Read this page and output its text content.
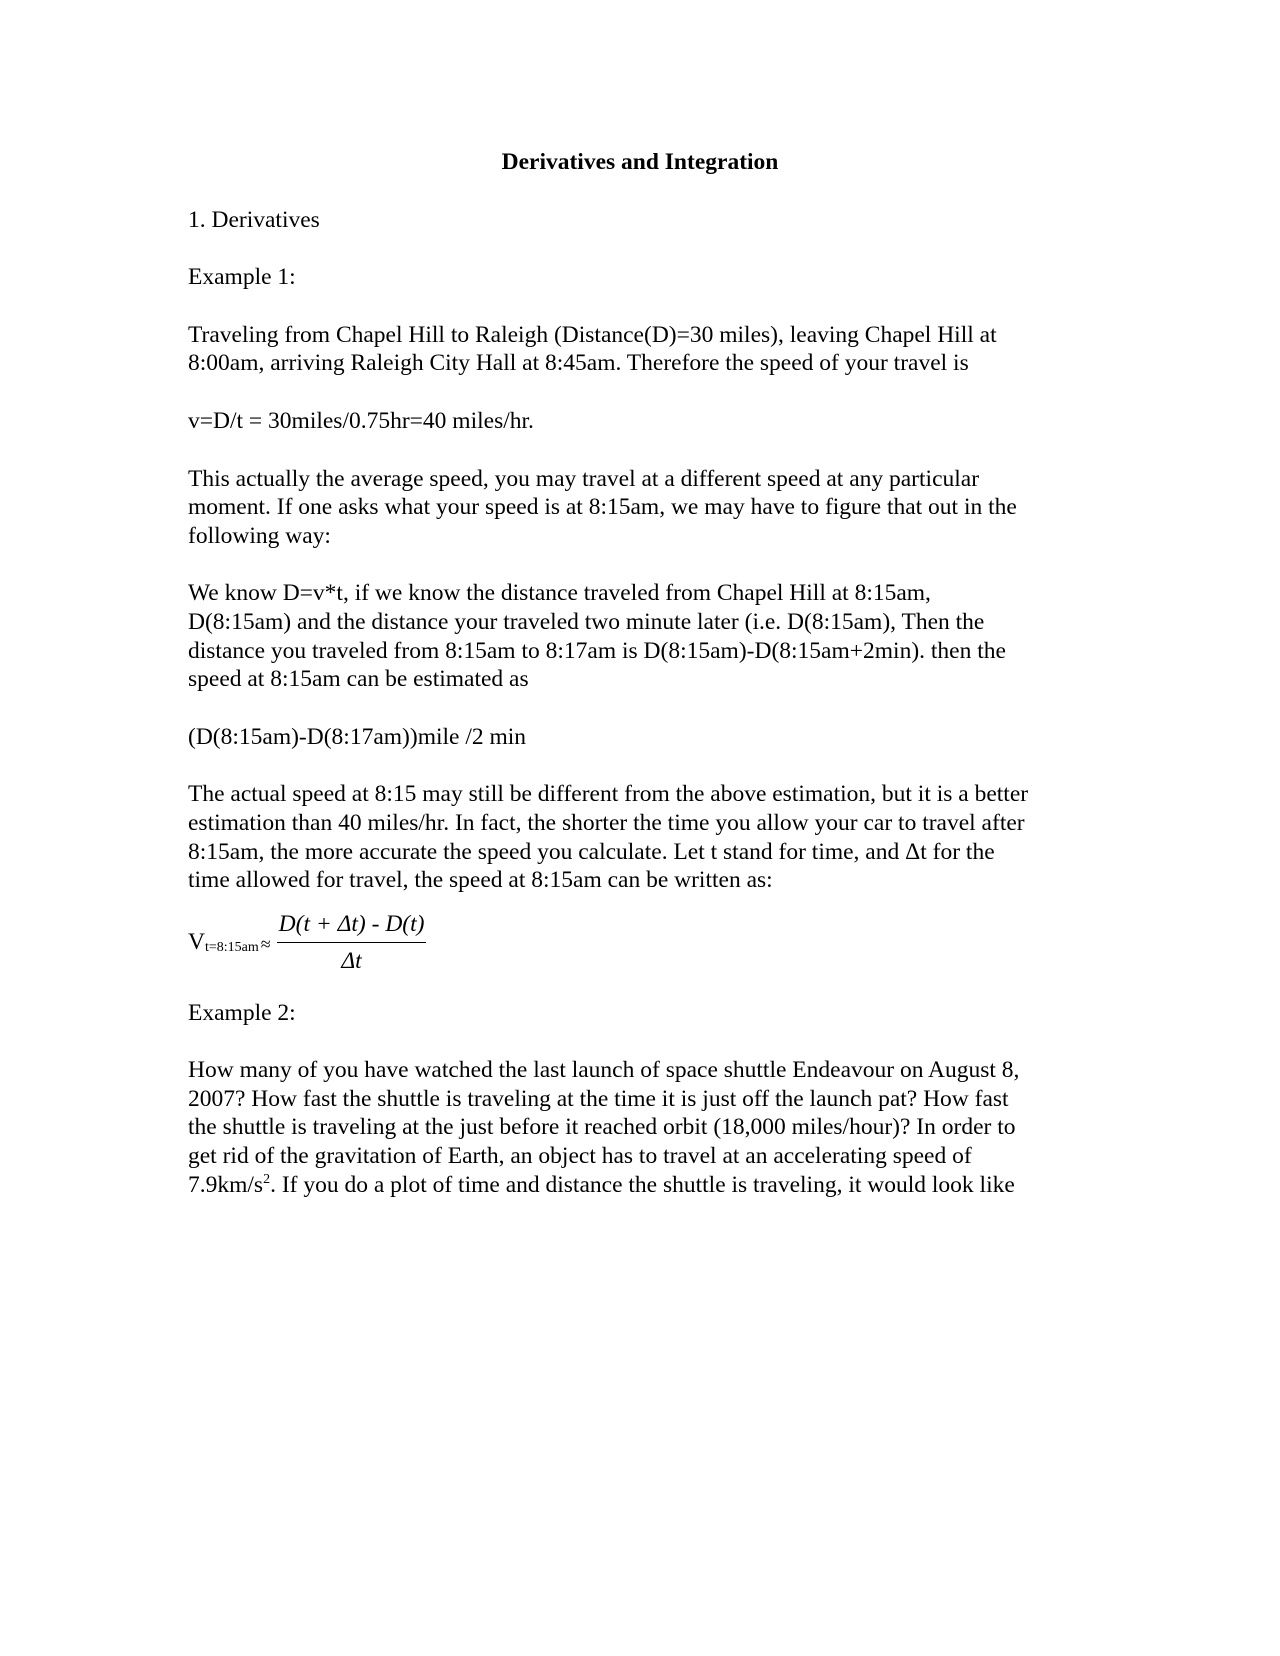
Derivatives and Integration

1. Derivatives

Example 1:

Traveling from Chapel Hill to Raleigh (Distance(D)=30 miles), leaving Chapel Hill at
8:00am, arriving Raleigh City Hall at 8:45am. Therefore the speed of your travel is

v=D/t = 30miles/0.75hr=40 miles/hr.

This actually the average speed, you may travel at a different speed at any particular
moment. If one asks what your speed is at 8:15am, we may have to figure that out in the
following way:

We know D=v*t, if we know the distance traveled from Chapel Hill at 8:15am,
D(8:15am) and the distance your traveled two minute later (i.e. D(8:15am), Then the
distance you traveled from 8:15am to 8:17am is D(8:15am)-D(8:15am+2min). then the
speed at 8:15am can be estimated as

(D(8:15am)-D(8:17am))mile /2 min

The actual speed at 8:15 may still be different from the above estimation, but it is a better
estimation than 40 miles/hr. In fact, the shorter the time you allow your car to travel after
8:15am, the more accurate the speed you calculate. Let t stand for time, and Δt for the
time allowed for travel, the speed at 8:15am can be written as:

V t=8:15am ≈ $\frac{D(t + \Delta t) - D(t)}{\Delta t}$

Example 2:

How many of you have watched the last launch of space shuttle Endeavour on August 8,
2007? How fast the shuttle is traveling at the time it is just off the launch pat? How fast
the shuttle is traveling at the just before it reached orbit (18,000 miles/hour)? In order to
get rid of the gravitation of Earth, an object has to travel at an accelerating speed of
$7.9km/s^2$. If you do a plot of time and distance the shuttle is traveling, it would look like
